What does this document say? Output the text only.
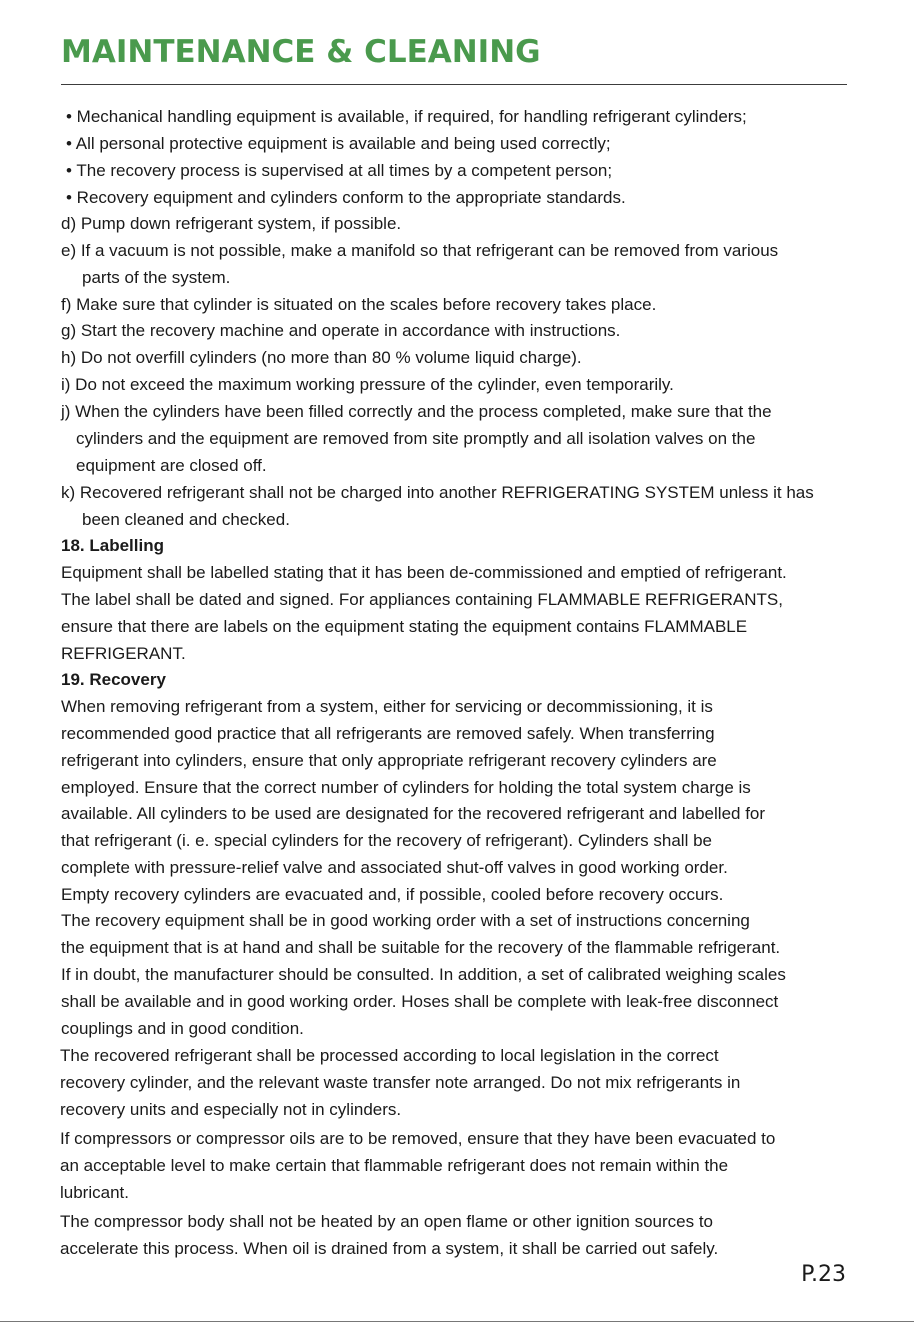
MAINTENANCE & CLEANING
• Mechanical handling equipment is available, if required, for handling refrigerant cylinders;
• All personal protective equipment is available and being used correctly;
• The recovery process is supervised at all times by a competent person;
• Recovery equipment and cylinders conform to the appropriate standards.
d) Pump down refrigerant system, if possible.
e) If a vacuum is not possible, make a manifold so that refrigerant can be removed from various
parts of the system.
f) Make sure that cylinder is situated on the scales before recovery takes place.
g) Start the recovery machine and operate in accordance with instructions.
h) Do not overfill cylinders (no more than 80 % volume liquid charge).
i) Do not exceed the maximum working pressure of the cylinder, even temporarily.
j) When the cylinders have been filled correctly and the process completed, make sure that the
cylinders and the equipment are removed from site promptly and all isolation valves on the
equipment are closed off.
k) Recovered refrigerant shall not be charged into another REFRIGERATING SYSTEM unless it has
been cleaned and checked.
18. Labelling
Equipment shall be labelled stating that it has been de-commissioned and emptied of refrigerant.
The label shall be dated and signed. For appliances containing FLAMMABLE REFRIGERANTS,
ensure that there are labels on the equipment stating the equipment contains FLAMMABLE
REFRIGERANT.
19. Recovery
When removing refrigerant from a system, either for servicing or decommissioning, it is
recommended good practice that all refrigerants are removed safely. When transferring
refrigerant into cylinders, ensure that only appropriate refrigerant recovery cylinders are
employed. Ensure that the correct number of cylinders for holding the total system charge is
available. All cylinders to be used are designated for the recovered refrigerant and labelled for
that refrigerant (i. e. special cylinders for the recovery of refrigerant). Cylinders shall be
complete with pressure-relief valve and associated shut-off valves in good working order.
Empty recovery cylinders are evacuated and, if possible, cooled before recovery occurs.
The recovery equipment shall be in good working order with a set of instructions concerning
the equipment that is at hand and shall be suitable for the recovery of the flammable refrigerant.
If in doubt, the manufacturer should be consulted. In addition, a set of calibrated weighing scales
shall be available and in good working order. Hoses shall be complete with leak-free disconnect
couplings and in good condition.
The recovered refrigerant shall be processed according to local legislation in the correct
recovery cylinder, and the relevant waste transfer note arranged. Do not mix refrigerants in
recovery units and especially not in cylinders.
If compressors or compressor oils are to be removed, ensure that they have been evacuated to
an acceptable level to make certain that flammable refrigerant does not remain within the
lubricant.
The compressor body shall not be heated by an open flame or other ignition sources to
accelerate this process. When oil is drained from a system, it shall be carried out safely.
P.23
